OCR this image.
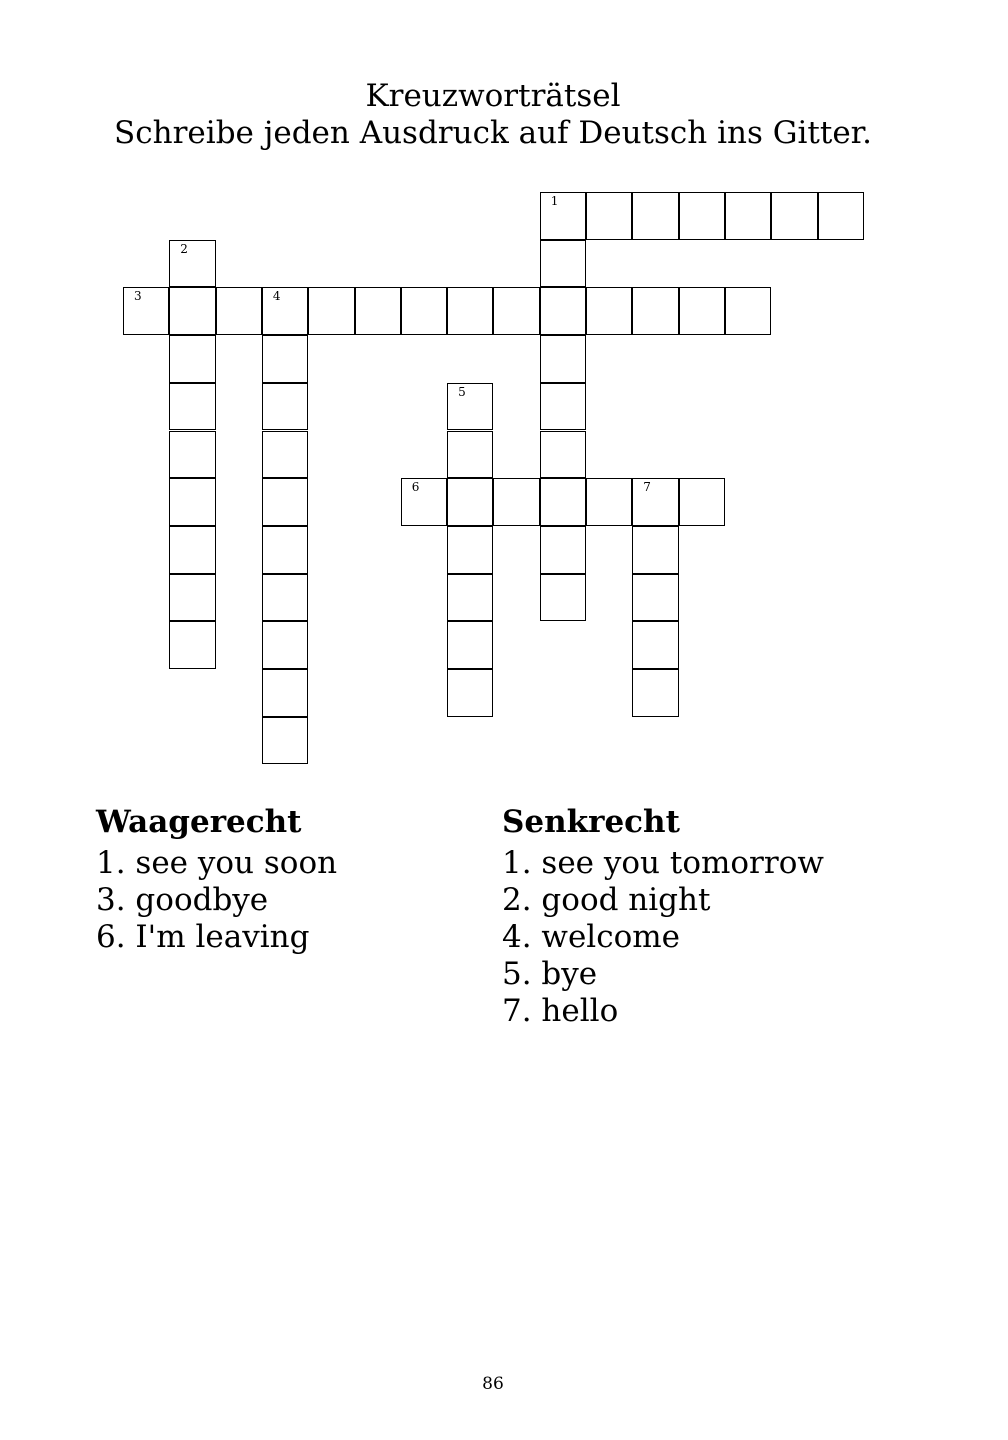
Kreuzworträtsel
Schreibe jeden Ausdruck auf Deutsch ins Gitter.
1
2
3	4
5
6	7
Waagerecht
1. see you soon
3. goodbye
6. I'm leaving
Senkrecht
1. see you tomorrow
2. good night
4. welcome
5. bye
7. hello
86
